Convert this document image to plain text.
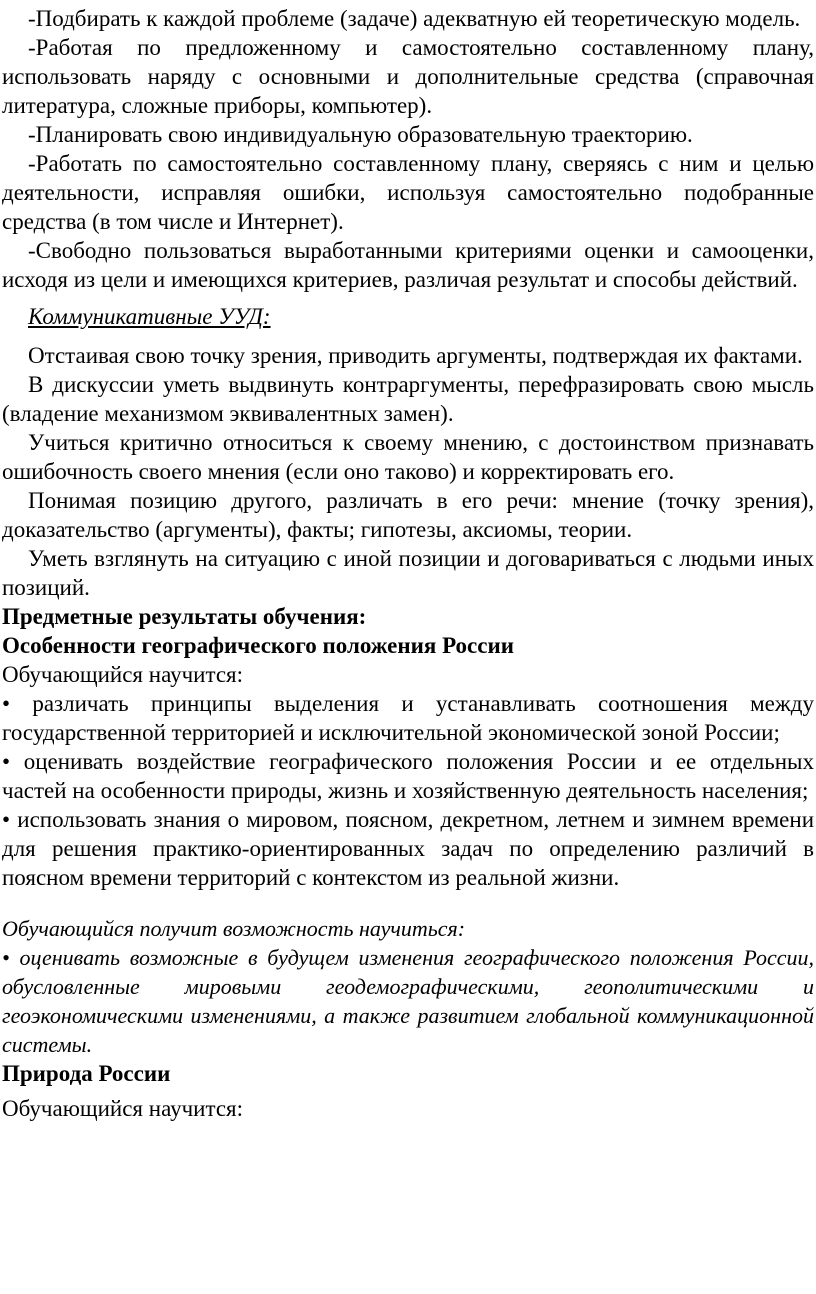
-Подбирать к каждой проблеме (задаче) адекватную ей теоретическую модель.

-Работая по предложенному и самостоятельно составленному плану, использовать наряду с основными и дополнительные средства (справочная литература, сложные приборы, компьютер).

-Планировать свою индивидуальную образовательную траекторию.

-Работать по самостоятельно составленному плану, сверяясь с ним и целью деятельности, исправляя ошибки, используя самостоятельно подобранные средства (в том числе и Интернет).

-Свободно пользоваться выработанными критериями оценки и самооценки, исходя из цели и имеющихся критериев, различая результат и способы действий.

Коммуникативные УУД:

Отстаивая свою точку зрения, приводить аргументы, подтверждая их фактами.

В дискуссии уметь выдвинуть контраргументы, перефразировать свою мысль (владение механизмом эквивалентных замен).

Учиться критично относиться к своему мнению, с достоинством признавать ошибочность своего мнения (если оно таково) и корректировать его.

Понимая позицию другого, различать в его речи: мнение (точку зрения), доказательство (аргументы), факты; гипотезы, аксиомы, теории.

Уметь взглянуть на ситуацию с иной позиции и договариваться с людьми иных позиций.

Предметные результаты обучения:

Особенности географического положения России

Обучающийся научится:

• различать принципы выделения и устанавливать соотношения между государственной территорией и исключительной экономической зоной России;

• оценивать воздействие географического положения России и ее отдельных частей на особенности природы, жизнь и хозяйственную деятельность населения;

• использовать знания о мировом, поясном, декретном, летнем и зимнем времени для решения практико-ориентированных задач по определению различий в поясном времени территорий с контекстом из реальной жизни.

Обучающийся получит возможность научиться:

• оценивать возможные в будущем изменения географического положения России, обусловленные мировыми геодемографическими, геополитическими и геоэкономическими изменениями, а также развитием глобальной коммуникационной системы.

Природа России

Обучающийся научится:
